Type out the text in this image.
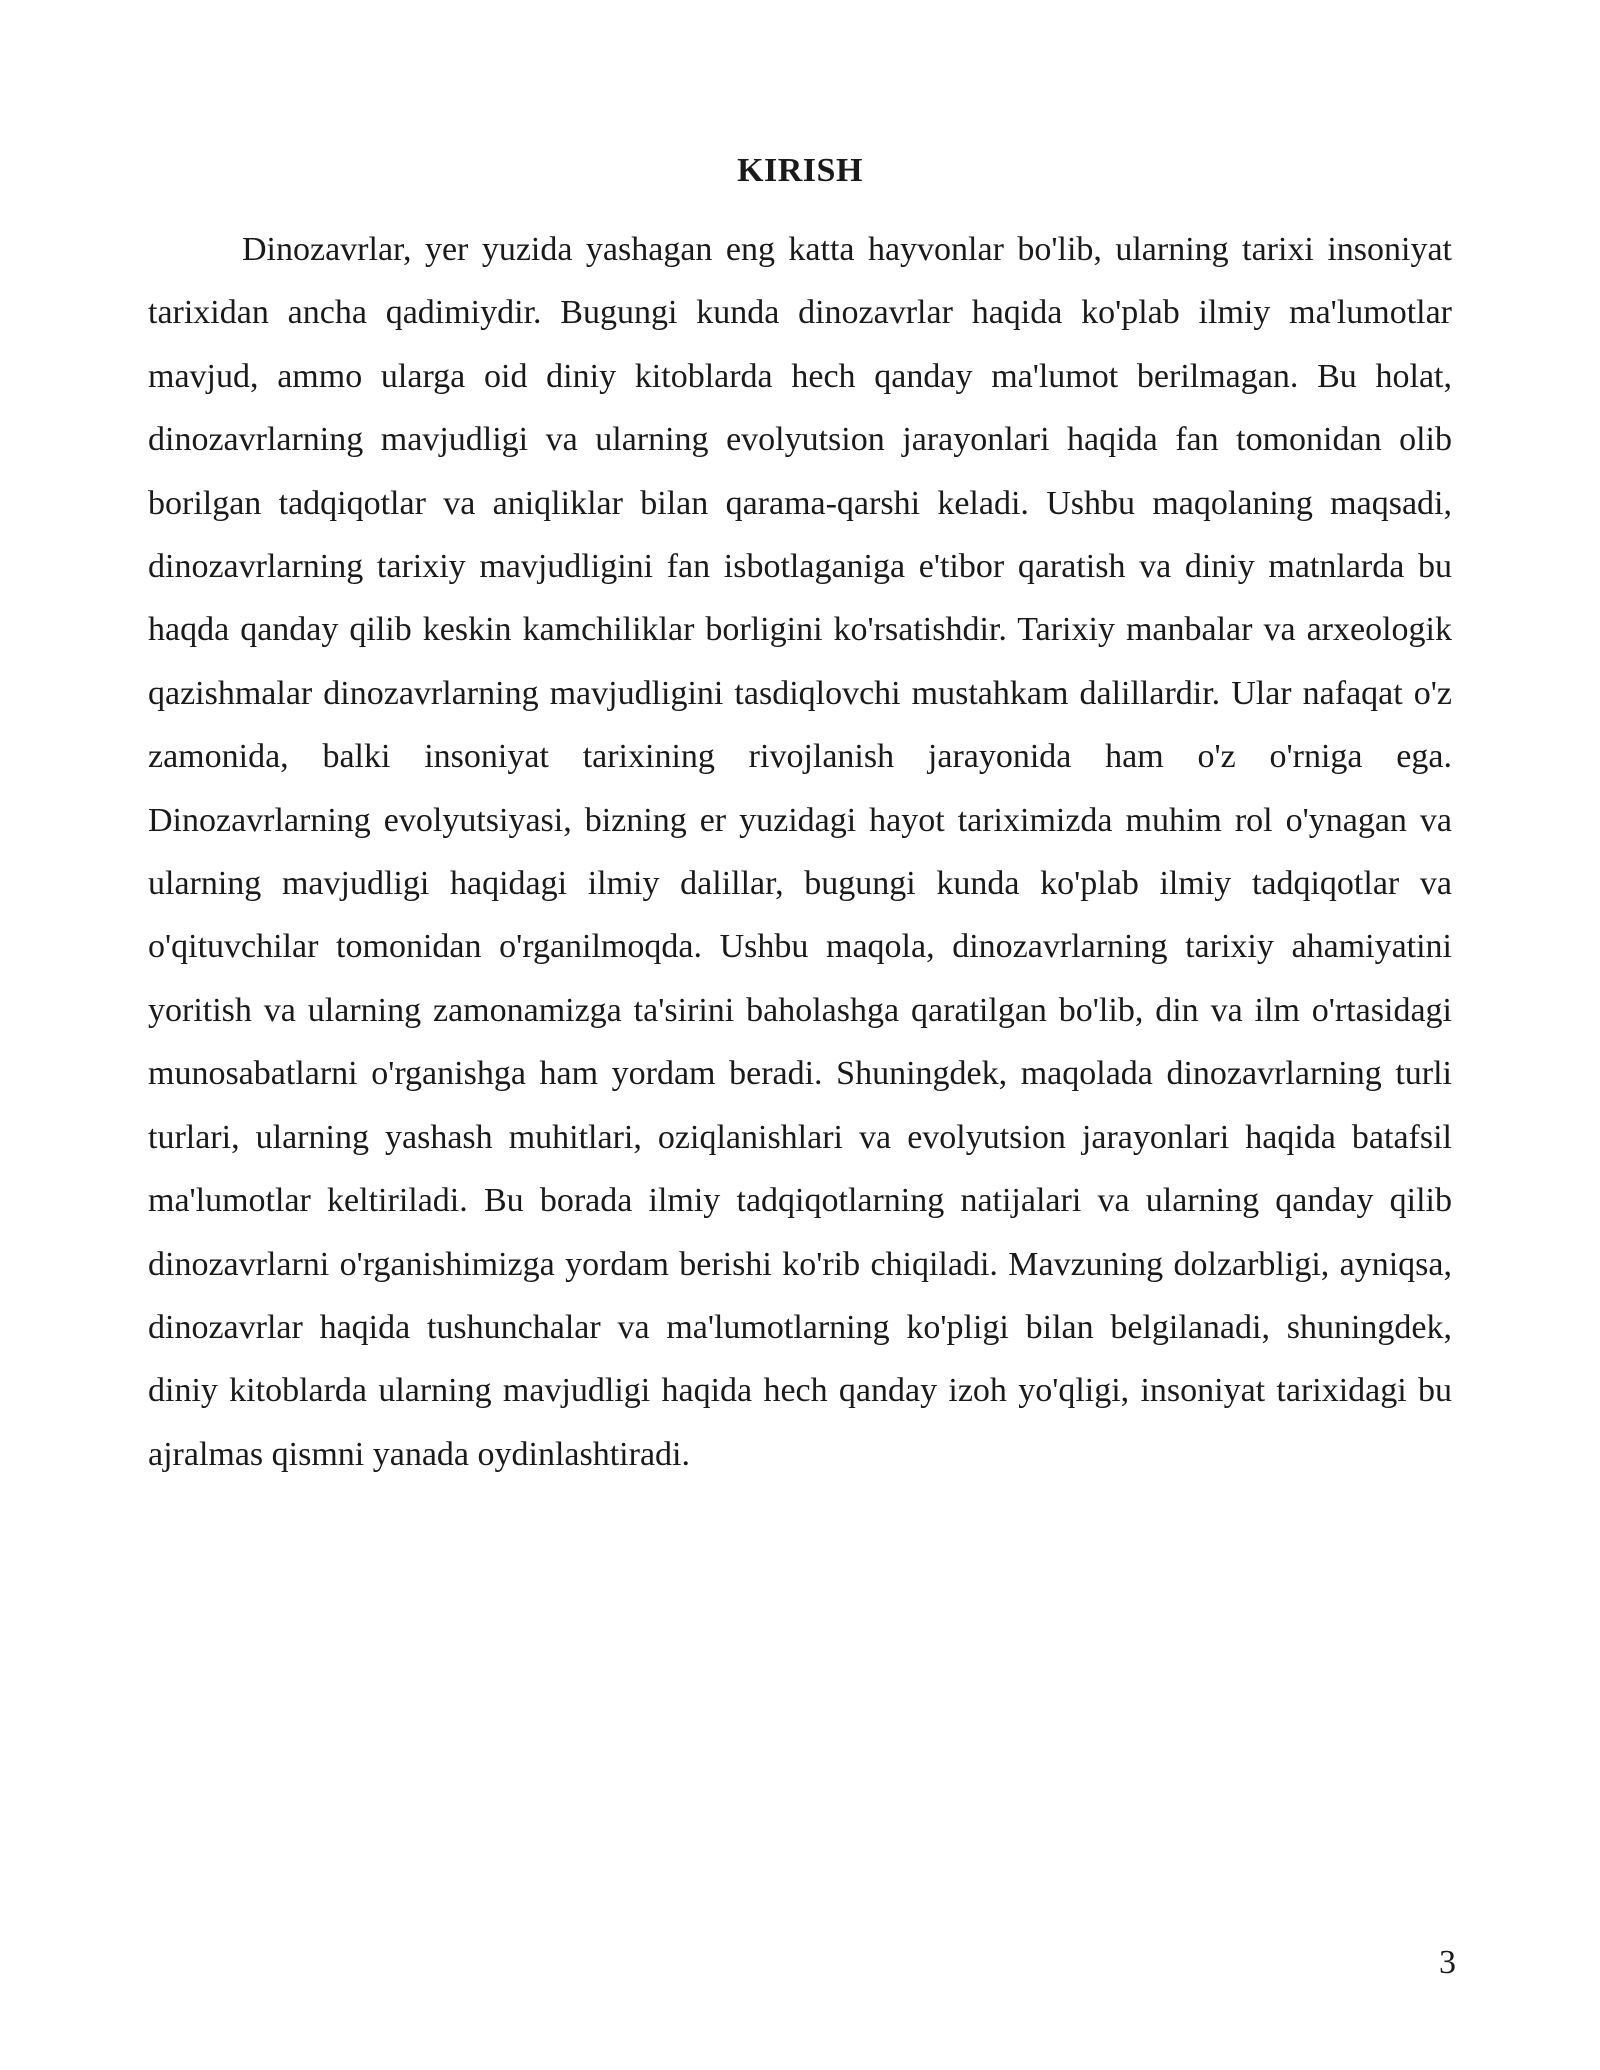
KIRISH

Dinozavrlar, yer yuzida yashagan eng katta hayvonlar bo'lib, ularning tarixi insoniyat tarixidan ancha qadimiydir. Bugungi kunda dinozavrlar haqida ko'plab ilmiy ma'lumotlar mavjud, ammo ularga oid diniy kitoblarda hech qanday ma'lumot berilmagan. Bu holat, dinozavrlarning mavjudligi va ularning evolyutsion jarayonlari haqida fan tomonidan olib borilgan tadqiqotlar va aniqliklar bilan qarama-qarshi keladi. Ushbu maqolaning maqsadi, dinozavrlarning tarixiy mavjudligini fan isbotlaganiga e'tibor qaratish va diniy matnlarda bu haqda qanday qilib keskin kamchiliklar borligini ko'rsatishdir. Tarixiy manbalar va arxeologik qazishmalar dinozavrlarning mavjudligini tasdiqlovchi mustahkam dalillardir. Ular nafaqat o'z zamonida, balki insoniyat tarixining rivojlanish jarayonida ham o'z o'rniga ega. Dinozavrlarning evolyutsiyasi, bizning er yuzidagi hayot tariximizda muhim rol o'ynagan va ularning mavjudligi haqidagi ilmiy dalillar, bugungi kunda ko'plab ilmiy tadqiqotlar va o'qituvchilar tomonidan o'rganilmoqda. Ushbu maqola, dinozavrlarning tarixiy ahamiyatini yoritish va ularning zamonamizga ta'sirini baholashga qaratilgan bo'lib, din va ilm o'rtasidagi munosabatlarni o'rganishga ham yordam beradi. Shuningdek, maqolada dinozavrlarning turli turlari, ularning yashash muhitlari, oziqlanishlari va evolyutsion jarayonlari haqida batafsil ma'lumotlar keltiriladi. Bu borada ilmiy tadqiqotlarning natijalari va ularning qanday qilib dinozavrlarni o'rganishimizga yordam berishi ko'rib chiqiladi. Mavzuning dolzarbligi, ayniqsa, dinozavrlar haqida tushunchalar va ma'lumotlarning ko'pligi bilan belgilanadi, shuningdek, diniy kitoblarda ularning mavjudligi haqida hech qanday izoh yo'qligi, insoniyat tarixidagi bu ajralmas qismni yanada oydinlashtiradi.

3
